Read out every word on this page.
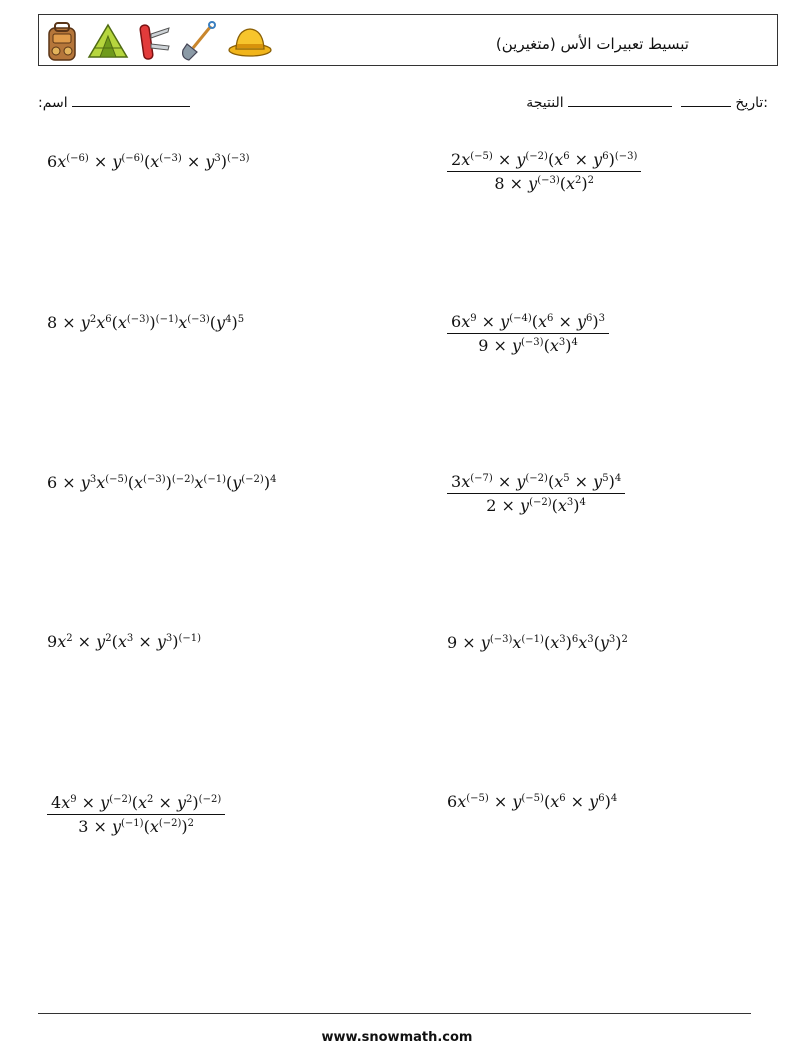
تبسيط تعبيرات الأس (متغيرين)
:تاريخ    النتيجة
:اسم
$6x^{(-6)} \times y^{(-6)}(x^{(-3)} \times y^3)^{(-3)}$
$8 \times y^2x^6(x^{(-3)})^{(-1)}x^{(-3)}(y^4)^5$
$6 \times y^3x^{(-5)}(x^{(-3)})^{(-2)}x^{(-1)}(y^{(-2)})^4$
$9x^2 \times y^2(x^3 \times y^3)^{(-1)}$
$\frac{4x^9 \times y^{(-2)}(x^2 \times y^2)^{(-2)}}{3 \times y^{(-1)}(x^{(-2)})^2}$
$\frac{2x^{(-5)} \times y^{(-2)}(x^6 \times y^6)^{(-3)}}{8 \times y^{(-3)}(x^2)^2}$
$\frac{6x^9 \times y^{(-4)}(x^6 \times y^6)^3}{9 \times y^{(-3)}(x^3)^4}$
$\frac{3x^{(-7)} \times y^{(-2)}(x^5 \times y^5)^4}{2 \times y^{(-2)}(x^3)^4}$
$9 \times y^{(-3)}x^{(-1)}(x^3)^6x^3(y^3)^2$
$6x^{(-5)} \times y^{(-5)}(x^6 \times y^6)^4$
www.snowmath.com
